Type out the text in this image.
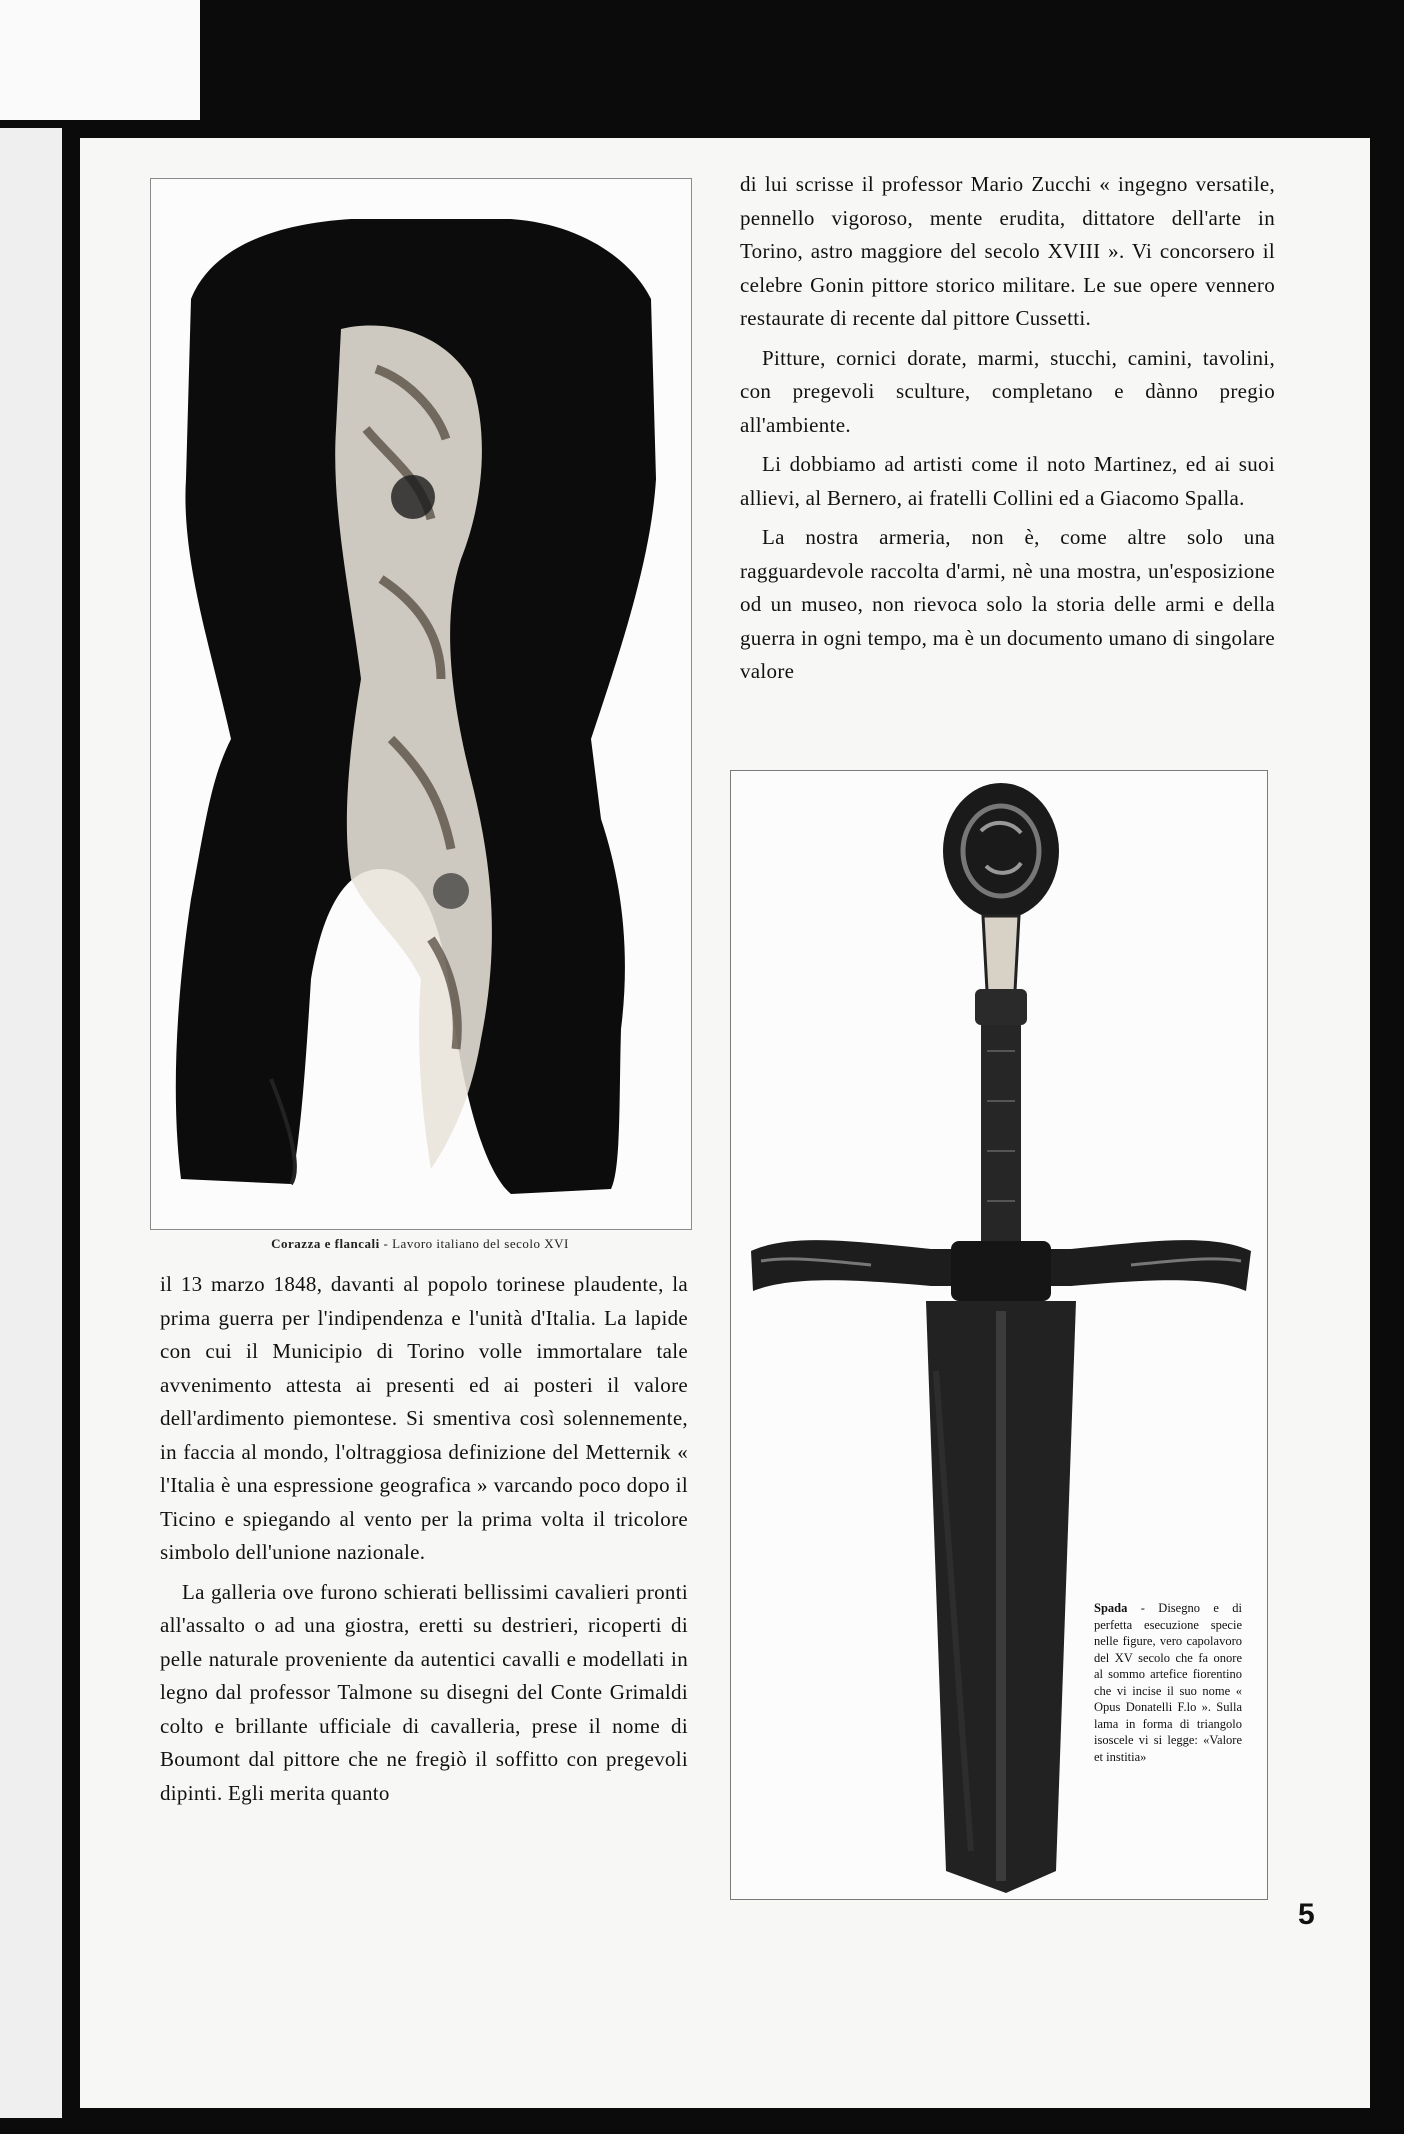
Corazza e flancali - Lavoro italiano del secolo XVI

di lui scrisse il professor Mario Zucchi « ingegno versatile, pennello vigoroso, mente erudita, dittatore dell'arte in Torino, astro maggiore del secolo XVIII ». Vi concorsero il celebre Gonin pittore storico militare. Le sue opere vennero restaurate di recente dal pittore Cussetti.

Pitture, cornici dorate, marmi, stucchi, camini, tavolini, con pregevoli sculture, completano e dànno pregio all'ambiente.

Li dobbiamo ad artisti come il noto Martinez, ed ai suoi allievi, al Bernero, ai fratelli Collini ed a Giacomo Spalla.

La nostra armeria, non è, come altre solo una ragguardevole raccolta d'armi, nè una mostra, un'esposizione od un museo, non rievoca solo la storia delle armi e della guerra in ogni tempo, ma è un documento umano di singolare valore

Spada - Disegno e di perfetta esecuzione specie nelle figure, vero capolavoro del XV secolo che fa onore al sommo artefice fiorentino che vi incise il suo nome « Opus Donatelli F.lo ». Sulla lama in forma di triangolo isoscele vi si legge: «Valore et institia»

il 13 marzo 1848, davanti al popolo torinese plaudente, la prima guerra per l'indipendenza e l'unità d'Italia. La lapide con cui il Municipio di Torino volle immortalare tale avvenimento attesta ai presenti ed ai posteri il valore dell'ardimento piemontese. Si smentiva così solennemente, in faccia al mondo, l'oltraggiosa definizione del Metternik « l'Italia è una espressione geografica » varcando poco dopo il Ticino e spiegando al vento per la prima volta il tricolore simbolo dell'unione nazionale.

La galleria ove furono schierati bellissimi cavalieri pronti all'assalto o ad una giostra, eretti su destrieri, ricoperti di pelle naturale proveniente da autentici cavalli e modellati in legno dal professor Talmone su disegni del Conte Grimaldi colto e brillante ufficiale di cavalleria, prese il nome di Boumont dal pittore che ne fregiò il soffitto con pregevoli dipinti. Egli merita quanto

5
